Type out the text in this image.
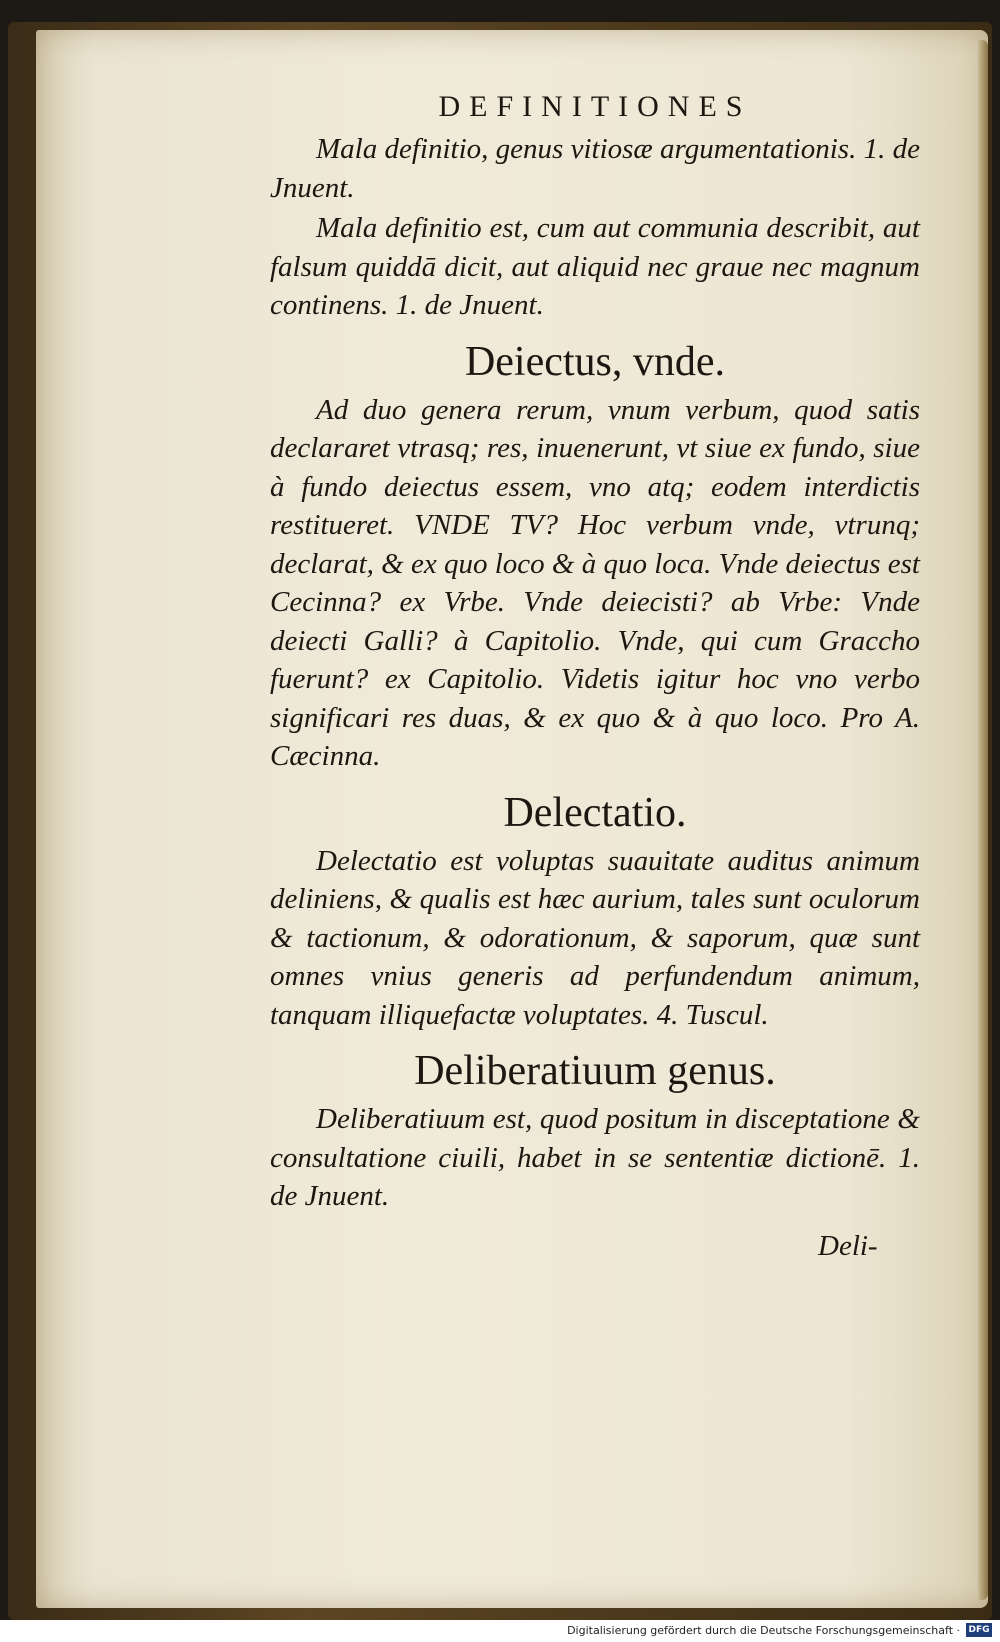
DEFINITIONES

Mala definitio, genus vitiosæ argumentationis. 1. de Jnuent.

Mala definitio est, cum aut communia describit, aut falsum quiddā dicit, aut aliquid nec graue nec magnum continens. 1. de Jnuent.

Deiectus, vnde.

Ad duo genera rerum, vnum verbum, quod satis declararet vtrasq; res, inuenerunt, vt siue ex fundo, siue à fundo deiectus essem, vno atq; eodem interdictis restitueret. VNDE TV? Hoc verbum vnde, vtrunq; declarat, & ex quo loco & à quo loca. Vnde deiectus est Cecinna? ex Vrbe. Vnde deiecisti? ab Vrbe: Vnde deiecti Galli? à Capitolio. Vnde, qui cum Graccho fuerunt? ex Capitolio. Videtis igitur hoc vno verbo significari res duas, & ex quo & à quo loco. Pro A. Cæcinna.

Delectatio.

Delectatio est voluptas suauitate auditus animum deliniens, & qualis est hæc aurium, tales sunt oculorum & tactionum, & odorationum, & saporum, quæ sunt omnes vnius generis ad perfundendum animum, tanquam illiquefactæ voluptates. 4. Tuscul.

Deliberatiuum genus.

Deliberatiuum est, quod positum in disceptatione & consultatione ciuili, habet in se sententiæ dictionē. 1. de Jnuent.

Deli-
Digitalisierung gefördert durch die Deutsche Forschungsgemeinschaft · DFG
